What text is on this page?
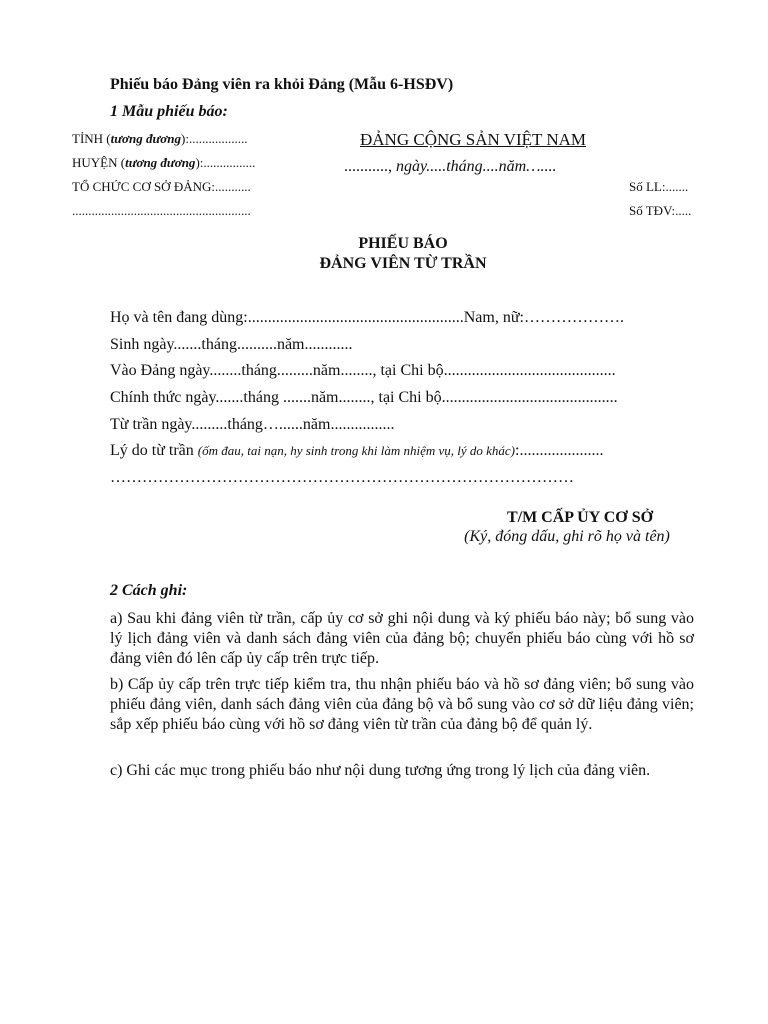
Phiếu báo Đảng viên ra khỏi Đảng (Mẫu 6-HSĐV)
1 Mẫu phiếu báo:
TỈNH (tương đương):..................
HUYỆN (tương đương):................
TỔ CHỨC CƠ SỞ ĐẢNG:...........
.......................................................
ĐẢNG CỘNG SẢN VIỆT NAM
..........., ngày.....tháng....năm…....
Số LL:.......
Số TĐV:.....
PHIẾU BÁO
ĐẢNG VIÊN TỪ TRẦN
Họ và tên đang dùng:......................................................Nam, nữ:……………….
Sinh ngày.......tháng..........năm............
Vào Đảng ngày........tháng.........năm........, tại Chi bộ...........................................
Chính thức ngày.......tháng .......năm........, tại Chi bộ............................................
Từ trần ngày.........tháng…......năm................
Lý do từ trần (ốm đau, tai nạn, hy sinh trong khi làm nhiệm vụ, lý do khác):.....................
……………………………………………………………………………
T/M CẤP ỦY CƠ SỞ
(Ký, đóng dấu, ghi rõ họ và tên)
2 Cách ghi:
a) Sau khi đảng viên từ trần, cấp ủy cơ sở ghi nội dung và ký phiếu báo này; bổ sung vào lý lịch đảng viên và danh sách đảng viên của đảng bộ; chuyển phiếu báo cùng với hồ sơ đảng viên đó lên cấp ủy cấp trên trực tiếp.
b) Cấp ủy cấp trên trực tiếp kiểm tra, thu nhận phiếu báo và hồ sơ đảng viên; bổ sung vào phiếu đảng viên, danh sách đảng viên của đảng bộ và bổ sung vào cơ sở dữ liệu đảng viên; sắp xếp phiếu báo cùng với hồ sơ đảng viên từ trần của đảng bộ để quản lý.
c) Ghi các mục trong phiếu báo như nội dung tương ứng trong lý lịch của đảng viên.
